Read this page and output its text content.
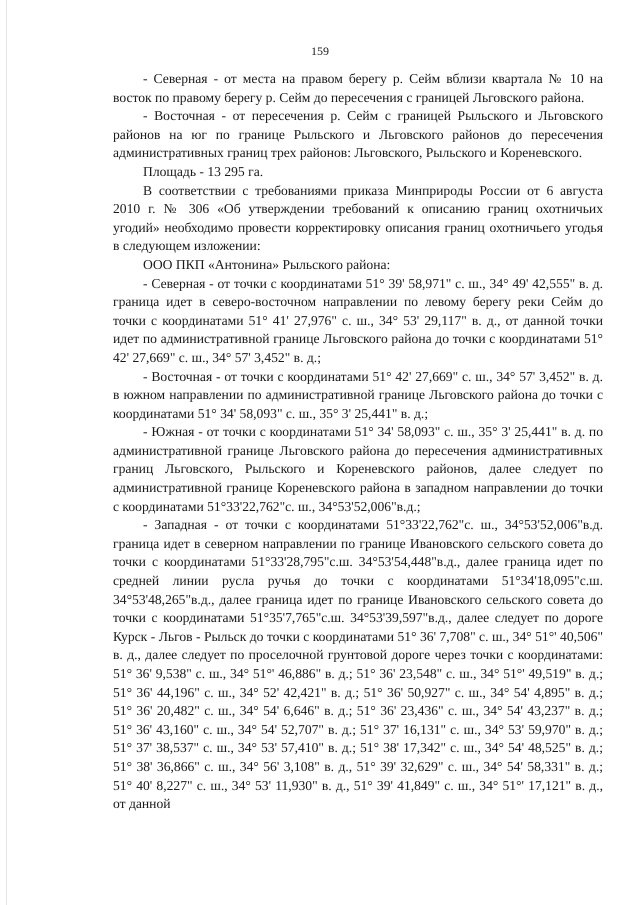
159

- Северная - от места на правом берегу р. Сейм вблизи квартала № 10 на восток по правому берегу р. Сейм до пересечения с границей Льговского района.

- Восточная - от пересечения р. Сейм с границей Рыльского и Льговского районов на юг по границе Рыльского и Льговского районов до пересечения административных границ трех районов: Льговского, Рыльского и Кореневского.

Площадь - 13 295 га.

В соответствии с требованиями приказа Минприроды России от 6 августа 2010 г. № 306 «Об утверждении требований к описанию границ охотничьих угодий» необходимо провести корректировку описания границ охотничьего угодья в следующем изложении:

ООО ПКП «Антонина» Рыльского района:

- Северная - от точки с координатами 51° 39' 58,971" с. ш., 34° 49' 42,555" в. д. граница идет в северо-восточном направлении по левому берегу реки Сейм до точки с координатами 51° 41' 27,976" с. ш., 34° 53' 29,117" в. д., от данной точки идет по административной границе Льговского района до точки с координатами 51° 42' 27,669" с. ш., 34° 57' 3,452" в. д.;

- Восточная - от точки с координатами 51° 42' 27,669" с. ш., 34° 57' 3,452" в. д. в южном направлении по административной границе Льговского района до точки с координатами 51° 34' 58,093" с. ш., 35° 3' 25,441" в. д.;

- Южная - от точки с координатами 51° 34' 58,093" с. ш., 35° 3' 25,441" в. д. по административной границе Льговского района до пересечения административных границ Льговского, Рыльского и Кореневского районов, далее следует по административной границе Кореневского района в западном направлении до точки с координатами 51°33'22,762"с. ш., 34°53'52,006"в.д.;

- Западная - от точки с координатами 51°33'22,762"с. ш., 34°53'52,006"в.д. граница идет в северном направлении по границе Ивановского сельского совета до точки с координатами 51°33'28,795"с.ш. 34°53'54,448"в.д., далее граница идет по средней линии русла ручья до точки с координатами 51°34'18,095"с.ш. 34°53'48,265"в.д., далее граница идет по границе Ивановского сельского совета до точки с координатами 51°35'7,765"с.ш. 34°53'39,597"в.д., далее следует по дороге Курск - Льгов - Рыльск до точки с координатами 51° 36' 7,708" с. ш., 34° 51°' 40,506" в. д., далее следует по проселочной грунтовой дороге через точки с координатами: 51° 36' 9,538" с. ш., 34° 51°' 46,886" в. д.; 51° 36' 23,548" с. ш., 34° 51°' 49,519" в. д.; 51° 36' 44,196" с. ш., 34° 52' 42,421" в. д.; 51° 36' 50,927" с. ш., 34° 54' 4,895" в. д.; 51° 36' 20,482" с. ш., 34° 54' 6,646" в. д.; 51° 36' 23,436" с. ш., 34° 54' 43,237" в. д.; 51° 36' 43,160" с. ш., 34° 54' 52,707" в. д.; 51° 37' 16,131" с. ш., 34° 53' 59,970" в. д.; 51° 37' 38,537" с. ш., 34° 53' 57,410" в. д.; 51° 38' 17,342" с. ш., 34° 54' 48,525" в. д.; 51° 38' 36,866" с. ш., 34° 56' 3,108" в. д., 51° 39' 32,629" с. ш., 34° 54' 58,331" в. д.; 51° 40' 8,227" с. ш., 34° 53' 11,930" в. д., 51° 39' 41,849" с. ш., 34° 51°' 17,121" в. д., от данной
